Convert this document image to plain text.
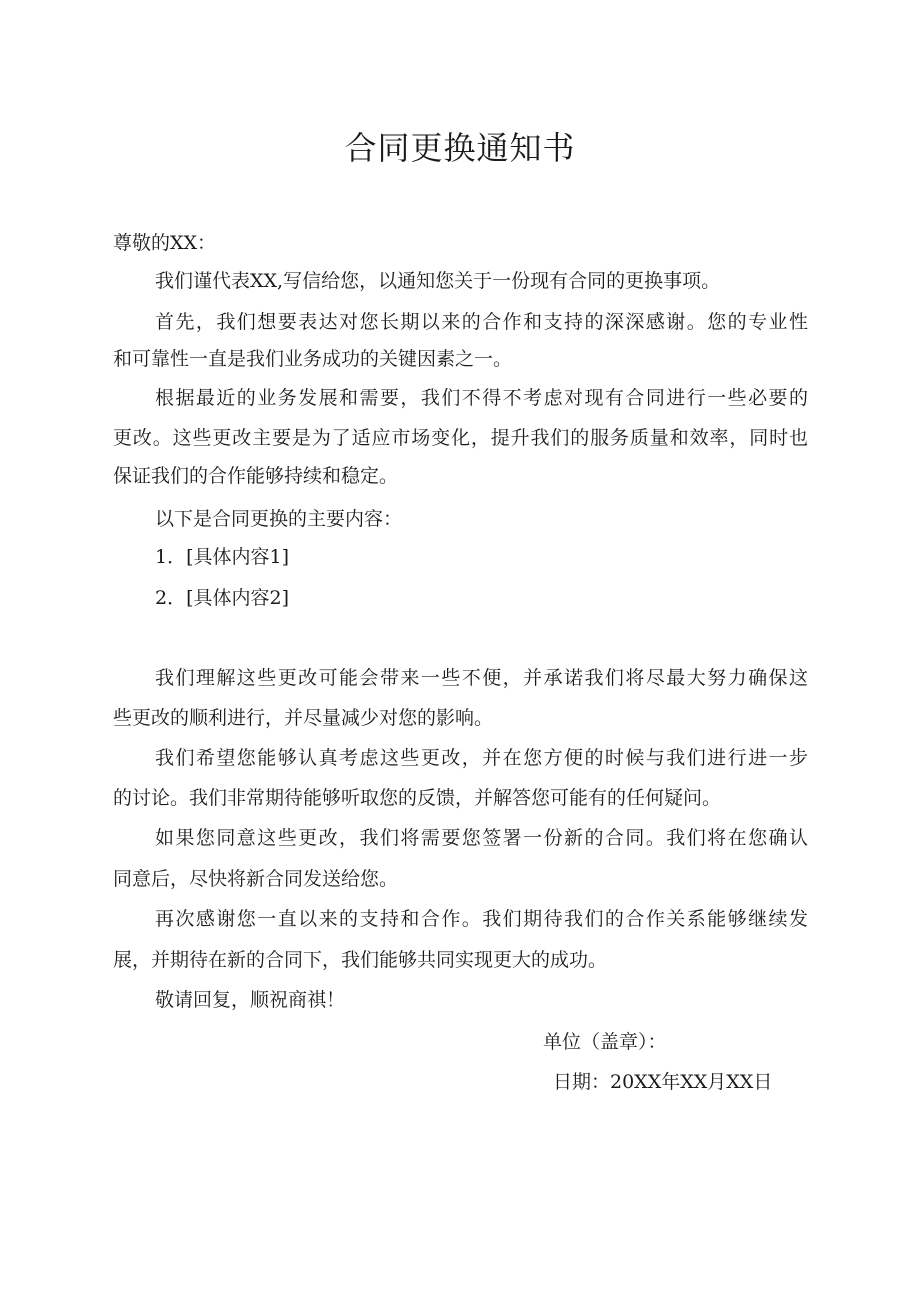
合同更换通知书
尊敬的XX：
我们谨代表XX,写信给您，以通知您关于一份现有合同的更换事项。
首先，我们想要表达对您长期以来的合作和支持的深深感谢。您的专业性
和可靠性一直是我们业务成功的关键因素之一。
根据最近的业务发展和需要，我们不得不考虑对现有合同进行一些必要的
更改。这些更改主要是为了适应市场变化，提升我们的服务质量和效率，同时也
保证我们的合作能够持续和稳定。
以下是合同更换的主要内容：
1．[具体内容1]
2．[具体内容2]
我们理解这些更改可能会带来一些不便，并承诺我们将尽最大努力确保这
些更改的顺利进行，并尽量减少对您的影响。
我们希望您能够认真考虑这些更改，并在您方便的时候与我们进行进一步
的讨论。我们非常期待能够听取您的反馈，并解答您可能有的任何疑问。
如果您同意这些更改，我们将需要您签署一份新的合同。我们将在您确认
同意后，尽快将新合同发送给您。
再次感谢您一直以来的支持和合作。我们期待我们的合作关系能够继续发
展，并期待在新的合同下，我们能够共同实现更大的成功。
敬请回复，顺祝商祺！
单位（盖章）：
日期：20XX年XX月XX日
